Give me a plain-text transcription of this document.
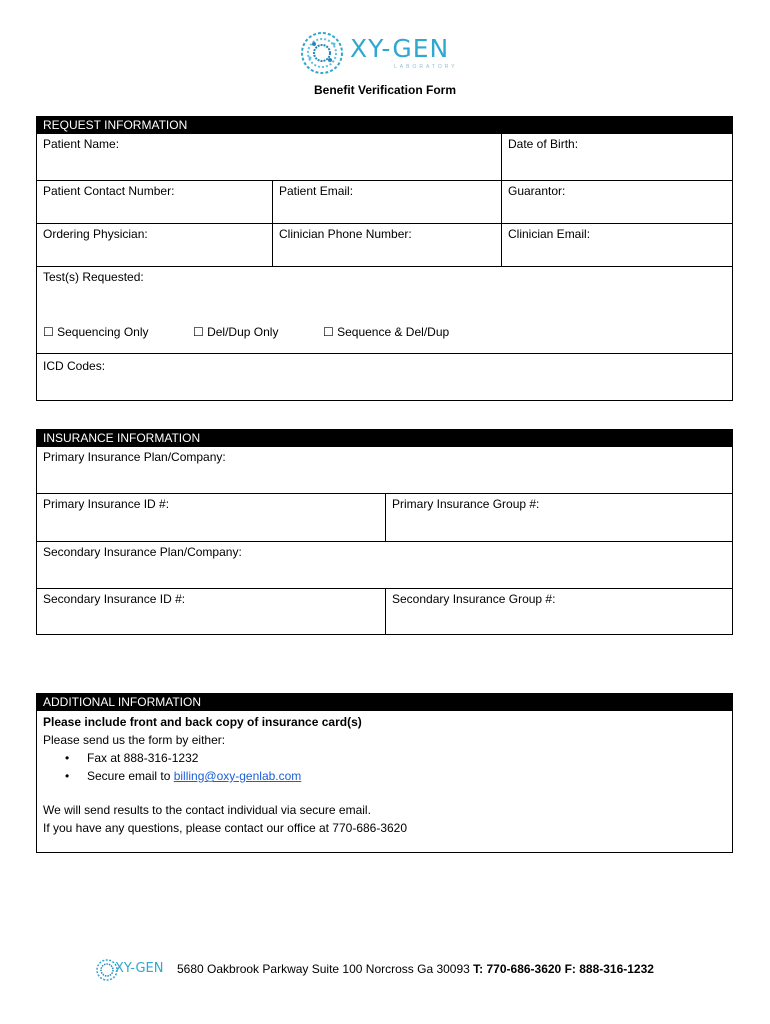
XY-GEN
LABORATORY
Benefit Verification Form
REQUEST INFORMATION
Patient Name:	Date of Birth:
Patient Contact Number:	Patient Email:	Guarantor:
Ordering Physician:	Clinician Phone Number:	Clinician Email:
Test(s) Requested:
☐ Sequencing Only	☐ Del/Dup Only	☐ Sequence & Del/Dup
ICD Codes:
INSURANCE INFORMATION
Primary Insurance Plan/Company:
Primary Insurance ID #:	Primary Insurance Group #:
Secondary Insurance Plan/Company:
Secondary Insurance ID #:	Secondary Insurance Group #:
ADDITIONAL INFORMATION
Please include front and back copy of insurance card(s)
Please send us the form by either:
• Fax at 888-316-1232
• Secure email to billing@oxy-genlab.com
We will send results to the contact individual via secure email.
If you have any questions, please contact our office at 770-686-3620
XY-GEN 5680 Oakbrook Parkway Suite 100 Norcross Ga 30093 T: 770-686-3620 F: 888-316-1232
